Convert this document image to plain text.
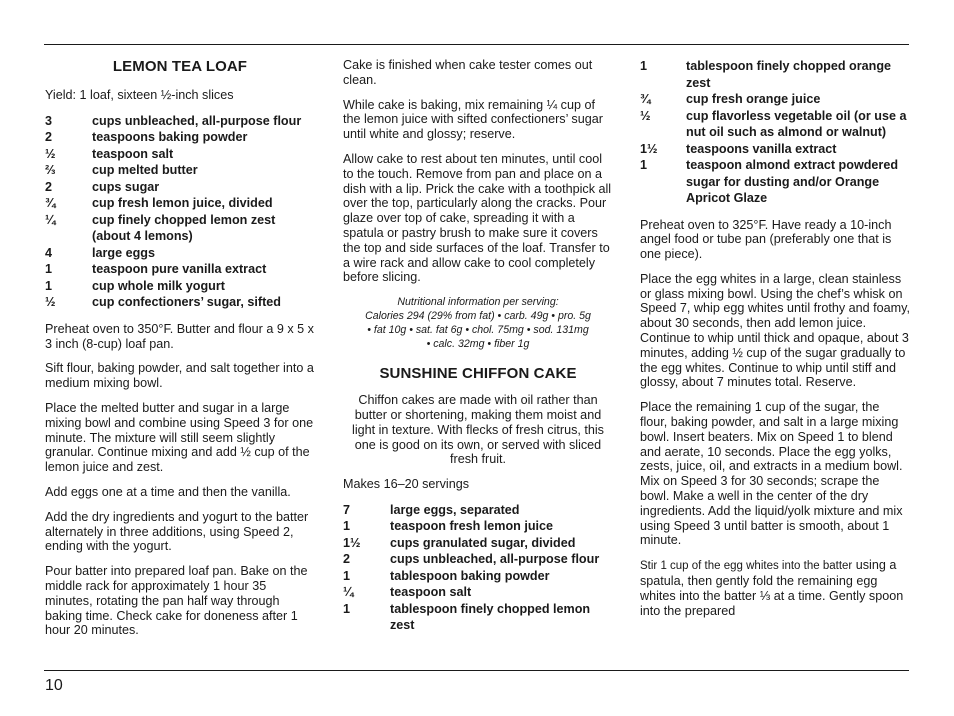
LEMON TEA LOAF
Yield: 1 loaf, sixteen ½-inch slices
3	cups unbleached, all-purpose flour
2	teaspoons baking powder
½	teaspoon salt
⅔	cup melted butter
2	cups sugar
¾	cup fresh lemon juice, divided
¼	cup finely chopped lemon zest (about 4 lemons)
4	large eggs
1	teaspoon pure vanilla extract
1	cup whole milk yogurt
½	cup confectioners’ sugar, sifted
Preheat oven to 350°F. Butter and flour a 9 x 5 x 3 inch (8-cup) loaf pan.
Sift flour, baking powder, and salt together into a medium mixing bowl.
Place the melted butter and sugar in a large mixing bowl and combine using Speed 3 for one minute. The mixture will still seem slightly granular. Continue mixing and add ½ cup of the lemon juice and zest.
Add eggs one at a time and then the vanilla.
Add the dry ingredients and yogurt to the batter alternately in three additions, using Speed 2, ending with the yogurt.
Pour batter into prepared loaf pan. Bake on the middle rack for approximately 1 hour 35 minutes, rotating the pan half way through baking time. Check cake for doneness after 1 hour 20 minutes.
Cake is finished when cake tester comes out clean.
While cake is baking, mix remaining ¼ cup of the lemon juice with sifted confectioners’ sugar until white and glossy; reserve.
Allow cake to rest about ten minutes, until cool to the touch. Remove from pan and place on a dish with a lip. Prick the cake with a toothpick all over the top, particularly along the cracks. Pour glaze over top of cake, spreading it with a spatula or pastry brush to make sure it covers the top and side surfaces of the loaf. Transfer to a wire rack and allow cake to cool completely before slicing.
Nutritional information per serving:
Calories 294 (29% from fat) • carb. 49g • pro. 5g
• fat 10g • sat. fat 6g • chol. 75mg • sod. 131mg
• calc. 32mg • fiber 1g
SUNSHINE CHIFFON CAKE
Chiffon cakes are made with oil rather than butter or shortening, making them moist and light in texture. With flecks of fresh citrus, this one is good on its own, or served with sliced fresh fruit.
Makes 16–20 servings
7	large eggs, separated
1	teaspoon fresh lemon juice
1½	cups granulated sugar, divided
2	cups unbleached, all-purpose flour
1	tablespoon baking powder
¼	teaspoon salt
1	tablespoon finely chopped lemon zest
1	tablespoon finely chopped orange zest
¾	cup fresh orange juice
½	cup flavorless vegetable oil (or use a nut oil such as almond or walnut)
1½	teaspoons vanilla extract
1	teaspoon almond extract powdered sugar for dusting and/or Orange Apricot Glaze
Preheat oven to 325°F. Have ready a 10-inch angel food or tube pan (preferably one that is one piece).
Place the egg whites in a large, clean stainless or glass mixing bowl. Using the chef’s whisk on Speed 7, whip egg whites until frothy and foamy, about 30 seconds, then add lemon juice. Continue to whip until thick and opaque, about 3 minutes, adding ½ cup of the sugar gradually to the egg whites. Continue to whip until stiff and glossy, about 7 minutes total. Reserve.
Place the remaining 1 cup of the sugar, the flour, baking powder, and salt in a large mixing bowl. Insert beaters. Mix on Speed 1 to blend and aerate, 10 seconds. Place the egg yolks, zests, juice, oil, and extracts in a medium bowl. Mix on Speed 3 for 30 seconds; scrape the bowl. Make a well in the center of the dry ingredients. Add the liquid/yolk mixture and mix using Speed 3 until batter is smooth, about 1 minute.
Stir 1 cup of the egg whites into the batter using a spatula, then gently fold the remaining egg whites into the batter ⅓ at a time. Gently spoon into the prepared
10
